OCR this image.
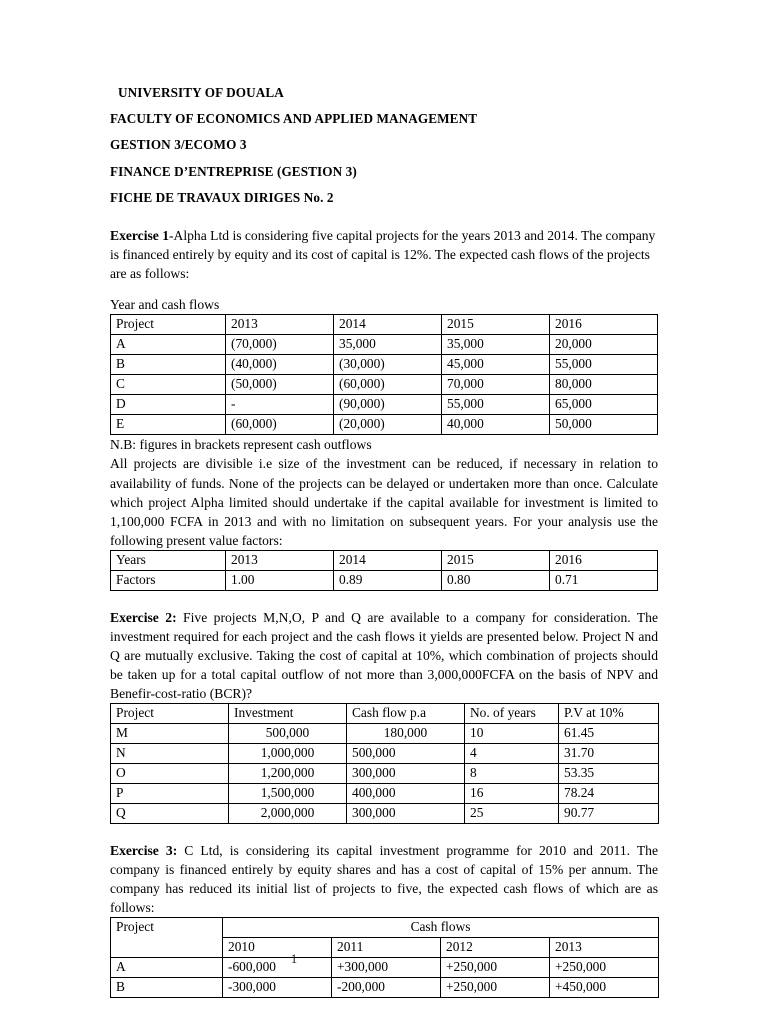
UNIVERSITY OF DOUALA
FACULTY OF ECONOMICS AND APPLIED MANAGEMENT
GESTION 3/ECOMO 3
FINANCE D’ENTREPRISE (GESTION 3)
FICHE DE TRAVAUX DIRIGES No. 2

Exercise 1-Alpha Ltd is considering five capital projects for the years 2013 and 2014. The company is financed entirely by equity and its cost of capital is 12%. The expected cash flows of the projects are as follows:

Year and cash flows
Project	2013	2014	2015	2016
A	(70,000)	35,000	35,000	20,000
B	(40,000)	(30,000)	45,000	55,000
C	(50,000)	(60,000)	70,000	80,000
D	-	(90,000)	55,000	65,000
E	(60,000)	(20,000)	40,000	50,000

N.B: figures in brackets represent cash outflows

All projects are divisible i.e size of the investment can be reduced, if necessary in relation to availability of funds. None of the projects can be delayed or undertaken more than once. Calculate which project Alpha limited should undertake if the capital available for investment is limited to 1,100,000 FCFA in 2013 and with no limitation on subsequent years. For your analysis use the following present value factors:

Years	2013	2014	2015	2016
Factors	1.00	0.89	0.80	0.71

Exercise 2: Five projects M,N,O, P and Q are available to a company for consideration. The investment required for each project and the cash flows it yields are presented below. Project N and Q are mutually exclusive. Taking the cost of capital at 10%, which combination of projects should be taken up for a total capital outflow of not more than 3,000,000FCFA on the basis of NPV and Benefir-cost-ratio (BCR)?

Project	Investment	Cash flow p.a	No. of years	P.V at 10%
M	500,000	180,000	10	61.45
N	1,000,000	500,000	4	31.70
O	1,200,000	300,000	8	53.35
P	1,500,000	400,000	16	78.24
Q	2,000,000	300,000	25	90.77

Exercise 3: C Ltd, is considering its capital investment programme for 2010 and 2011. The company is financed entirely by equity shares and has a cost of capital of 15% per annum. The company has reduced its initial list of projects to five, the expected cash flows of which are as follows:

Project	Cash flows			
	2010	2011	2012	2013
A	-600,000	+300,000	+250,000	+250,000
B	-300,000	-200,000	+250,000	+450,000
1
